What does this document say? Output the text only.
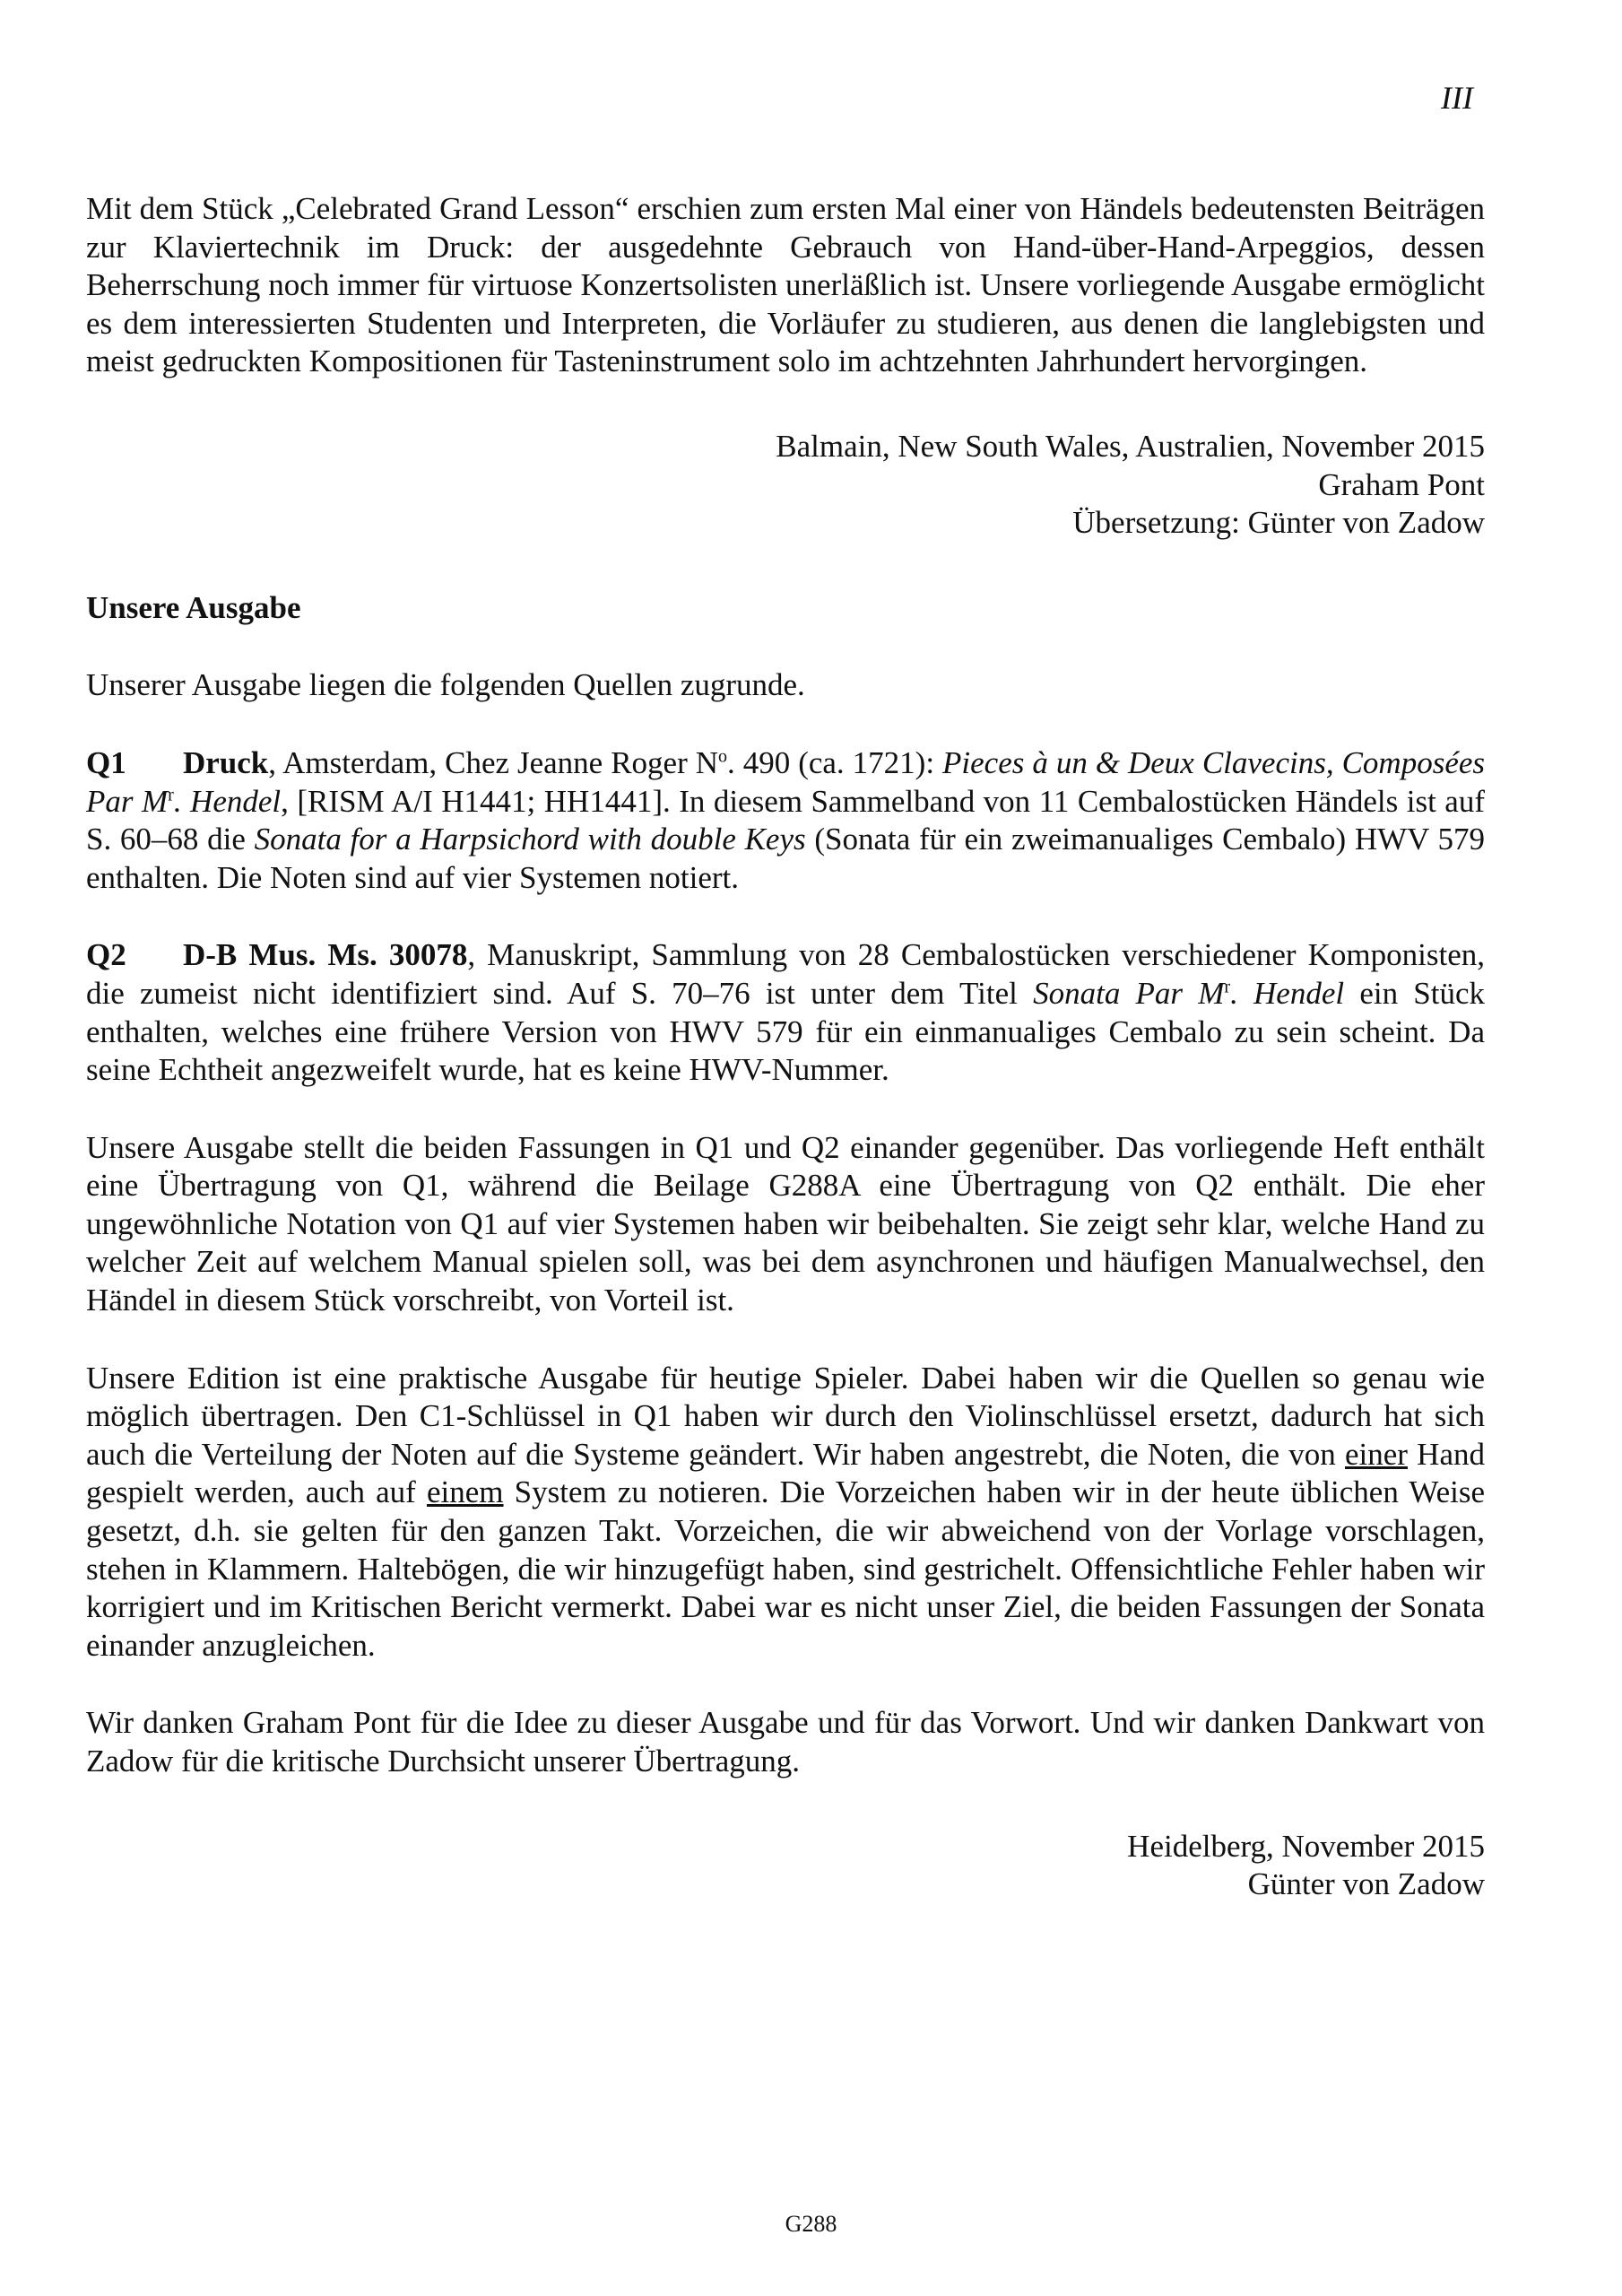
III

Mit dem Stück „Celebrated Grand Lesson“ erschien zum ersten Mal einer von Händels bedeutensten Beiträgen zur Klaviertechnik im Druck: der ausgedehnte Gebrauch von Hand-über-Hand-Arpeggios, dessen Beherrschung noch immer für virtuose Konzertsolisten unerläßlich ist. Unsere vorliegende Ausgabe ermöglicht es dem interessierten Studenten und Interpreten, die Vorläufer zu studieren, aus denen die langlebigsten und meist gedruckten Kompositionen für Tasteninstrument solo im achtzehnten Jahrhundert hervorgingen.

Balmain, New South Wales, Australien, November 2015

Graham Pont

Übersetzung: Günter von Zadow

Unsere Ausgabe

Unserer Ausgabe liegen die folgenden Quellen zugrunde.

Q1 Druck, Amsterdam, Chez Jeanne Roger $N^o$. 490 (ca. 1721): Pieces à un & Deux Clavecins, Composées Par $M^r$. Hendel, [RISM A/I H1441; HH1441]. In diesem Sammelband von 11 Cembalostücken Händels ist auf S. 60–68 die Sonata for a Harpsichord with double Keys (Sonata für ein zweimanualiges Cembalo) HWV 579 enthalten. Die Noten sind auf vier Systemen notiert.

Q2 D-B Mus. Ms. 30078, Manuskript, Sammlung von 28 Cembalostücken verschiedener Komponisten, die zumeist nicht identifiziert sind. Auf S. 70–76 ist unter dem Titel Sonata Par $M^r$. Hendel ein Stück enthalten, welches eine frühere Version von HWV 579 für ein einmanualiges Cembalo zu sein scheint. Da seine Echtheit angezweifelt wurde, hat es keine HWV-Nummer.

Unsere Ausgabe stellt die beiden Fassungen in Q1 und Q2 einander gegenüber. Das vorliegende Heft enthält eine Übertragung von Q1, während die Beilage G288A eine Übertragung von Q2 enthält. Die eher ungewöhnliche Notation von Q1 auf vier Systemen haben wir beibehalten. Sie zeigt sehr klar, welche Hand zu welcher Zeit auf welchem Manual spielen soll, was bei dem asynchronen und häufigen Manualwechsel, den Händel in diesem Stück vorschreibt, von Vorteil ist.

Unsere Edition ist eine praktische Ausgabe für heutige Spieler. Dabei haben wir die Quellen so genau wie möglich übertragen. Den C1-Schlüssel in Q1 haben wir durch den Violinschlüssel ersetzt, dadurch hat sich auch die Verteilung der Noten auf die Systeme geändert. Wir haben angestrebt, die Noten, die von einer Hand gespielt werden, auch auf einem System zu notieren. Die Vorzeichen haben wir in der heute üblichen Weise gesetzt, d.h. sie gelten für den ganzen Takt. Vorzeichen, die wir abweichend von der Vorlage vorschlagen, stehen in Klammern. Haltebögen, die wir hinzugefügt haben, sind gestrichelt. Offensichtliche Fehler haben wir korrigiert und im Kritischen Bericht vermerkt. Dabei war es nicht unser Ziel, die beiden Fassungen der Sonata einander anzugleichen.

Wir danken Graham Pont für die Idee zu dieser Ausgabe und für das Vorwort. Und wir danken Dankwart von Zadow für die kritische Durchsicht unserer Übertragung.

Heidelberg, November 2015

Günter von Zadow

G288
